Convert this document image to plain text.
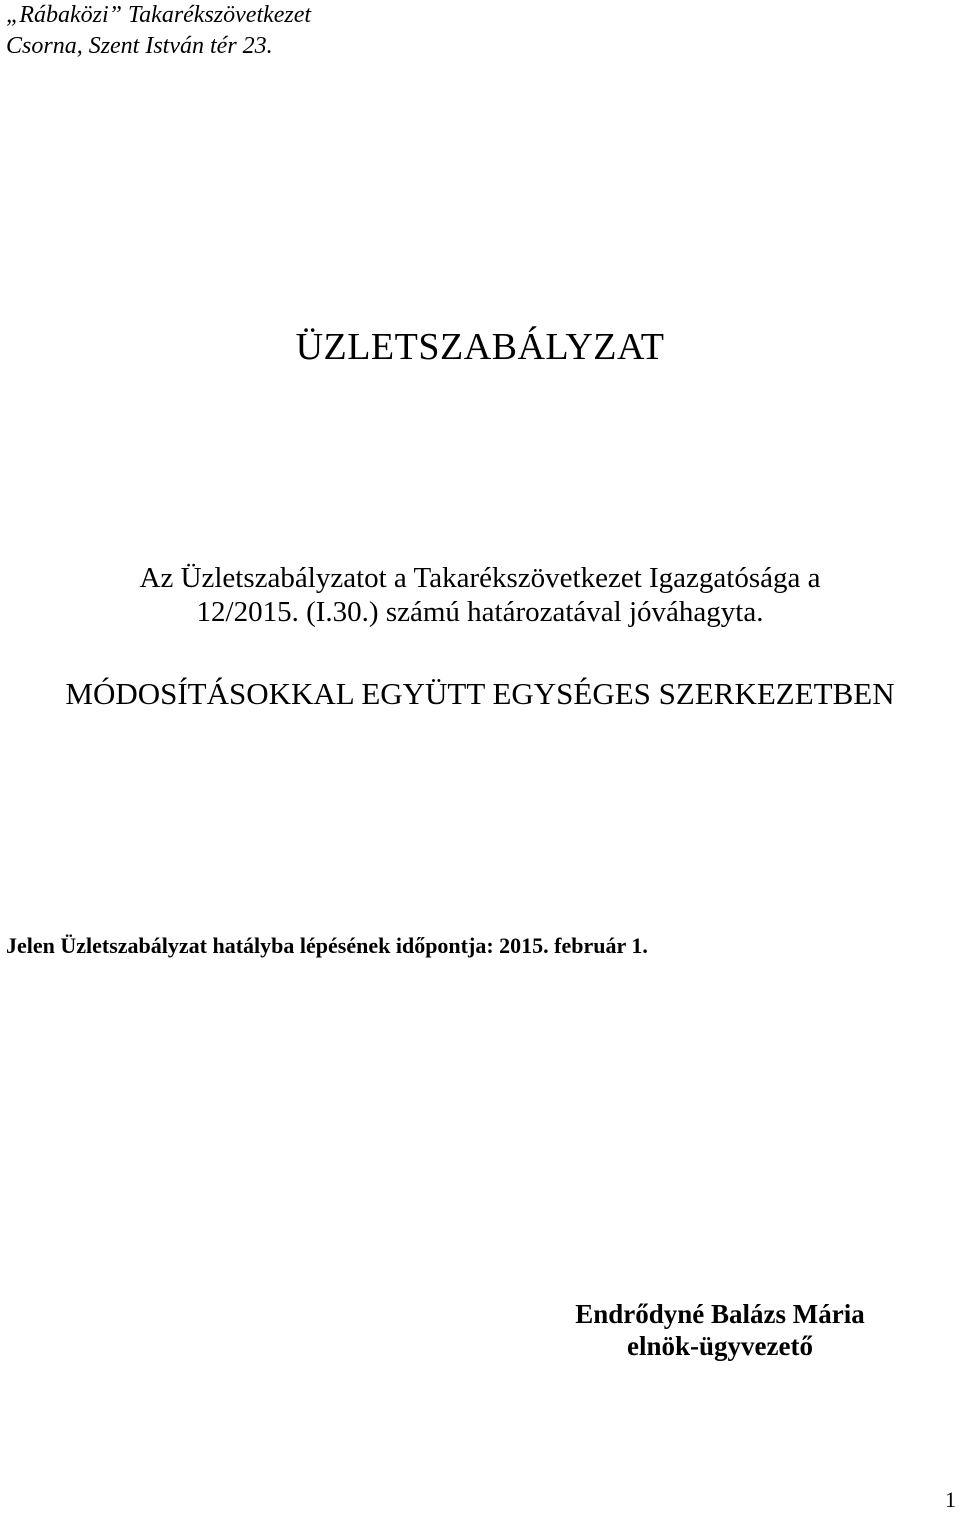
„Rábaközi” Takarékszövetkezet
Csorna, Szent István tér 23.
ÜZLETSZABÁLYZAT
Az Üzletszabályzatot a Takarékszövetkezet Igazgatósága a
12/2015. (I.30.) számú határozatával jóváhagyta.
MÓDOSÍTÁSOKKAL EGYÜTT EGYSÉGES SZERKEZETBEN
Jelen Üzletszabályzat hatályba lépésének időpontja: 2015. február 1.
Endrődyné Balázs Mária
elnök-ügyvezető
1
